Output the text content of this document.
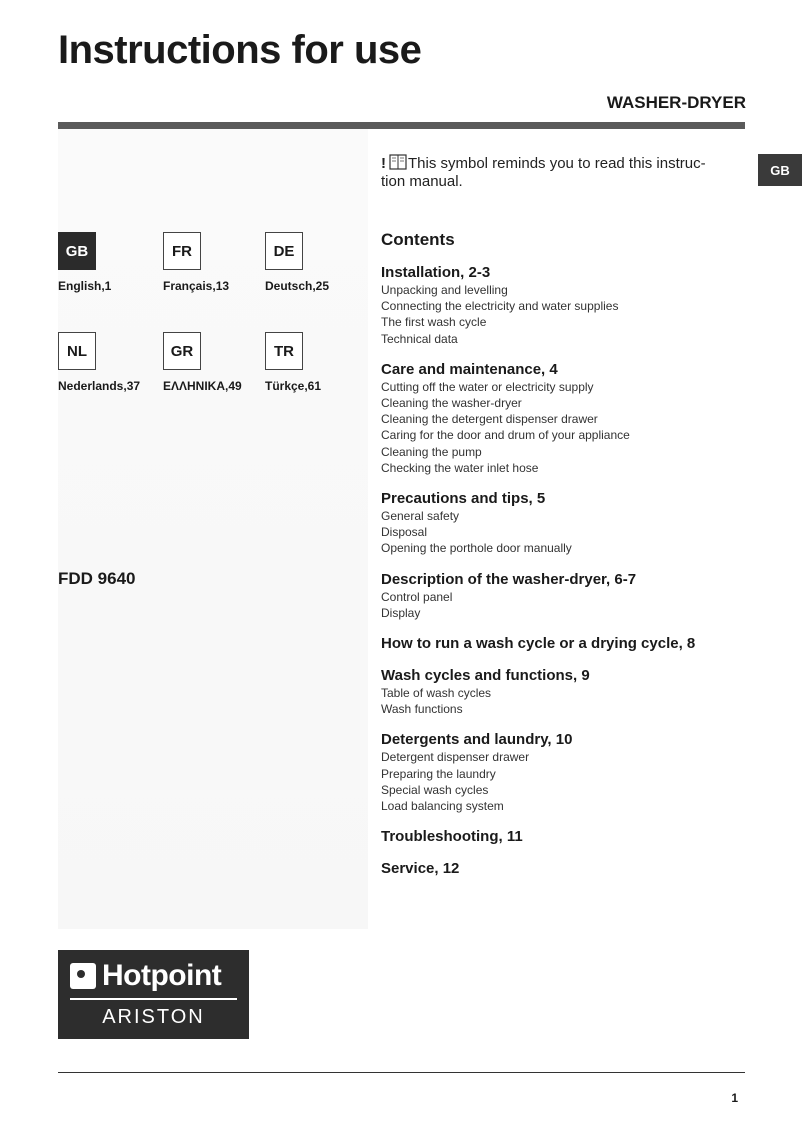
Instructions for use
WASHER-DRYER
GB
! This symbol reminds you to read this instruc-tion manual.
GB
English,1
FR
Français,13
DE
Deutsch,25
NL
Nederlands,37
GR
ΕΛΛΗΝΙΚΑ,49
TR
Türkçe,61
FDD 9640
Contents
Installation, 2-3
Unpacking and levelling
Connecting the electricity and water supplies
The first wash cycle
Technical data
Care and maintenance, 4
Cutting off the water or electricity supply
Cleaning the washer-dryer
Cleaning the detergent dispenser drawer
Caring for the door and drum of your appliance
Cleaning the pump
Checking the water inlet hose
Precautions and tips, 5
General safety
Disposal
Opening the porthole door manually
Description of the washer-dryer, 6-7
Control panel
Display
How to run a wash cycle or a drying cycle, 8
Wash cycles and functions, 9
Table of wash cycles
Wash functions
Detergents and laundry, 10
Detergent dispenser drawer
Preparing the laundry
Special wash cycles
Load balancing system
Troubleshooting, 11
Service, 12
Hotpoint
ARISTON
1
